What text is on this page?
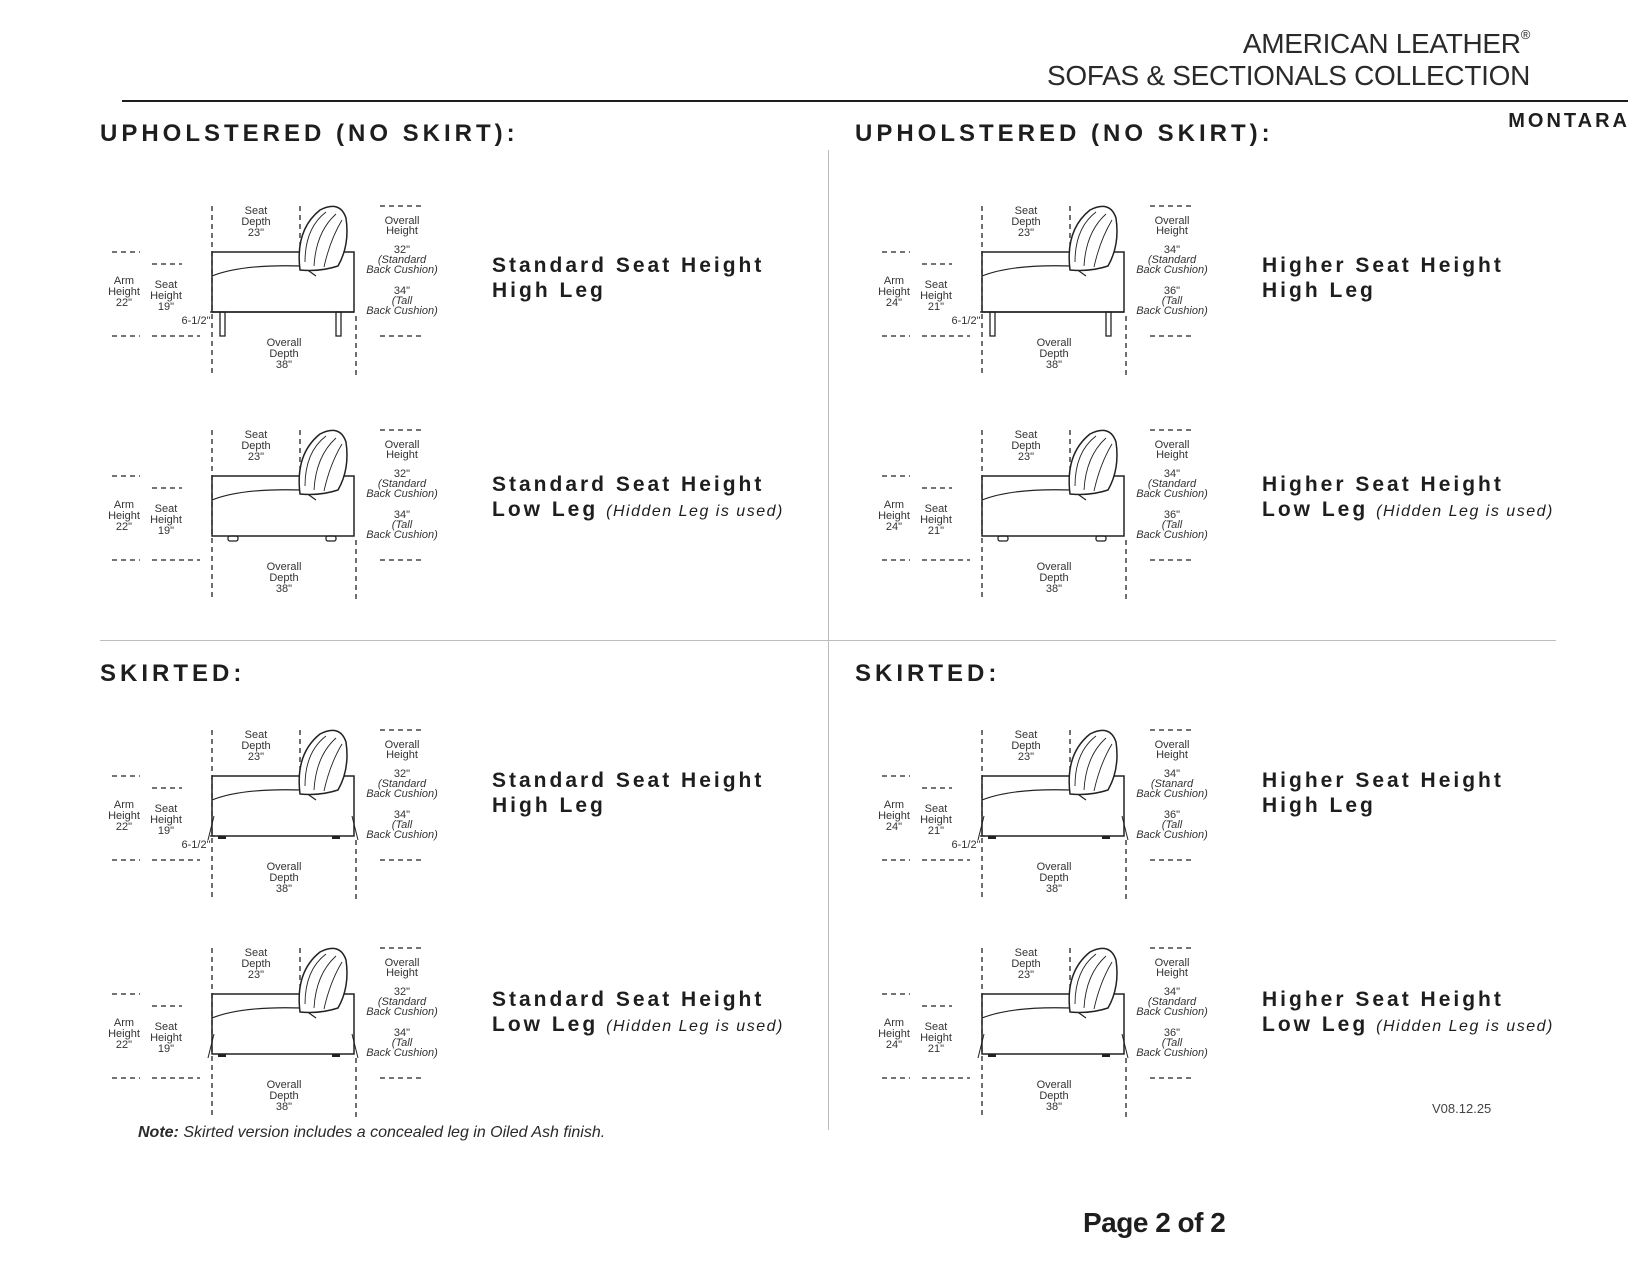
AMERICAN LEATHER®
SOFAS & SECTIONALS COLLECTION
MONTARA
UPHOLSTERED (NO SKIRT):	UPHOLSTERED (NO SKIRT):
SKIRTED:	SKIRTED:
Standard Seat Height
High Leg
Standard Seat Height
Low Leg (Hidden Leg is used)
Higher Seat Height
High Leg
Higher Seat Height
Low Leg (Hidden Leg is used)
Standard Seat Height
High Leg
Standard Seat Height
Low Leg (Hidden Leg is used)
Higher Seat Height
High Leg
Higher Seat Height
Low Leg (Hidden Leg is used)
Seat
Depth
23"
Overall
Depth
38"
Arm
Height
22"
Seat
Height
19"
6-1/2"
Overall
Height
32"
(Standard
Back Cushion)
34"
(Tall
Back Cushion)
Seat
Depth
23"
Overall
Depth
38"
Arm
Height
22"
Seat
Height
19"
Overall
Height
32"
(Standard
Back Cushion)
34"
(Tall
Back Cushion)
Seat
Depth
23"
Overall
Depth
38"
Arm
Height
24"
Seat
Height
21"
6-1/2"
Overall
Height
34"
(Standard
Back Cushion)
36"
(Tall
Back Cushion)
Seat
Depth
23"
Overall
Depth
38"
Arm
Height
24"
Seat
Height
21"
Overall
Height
34"
(Standard
Back Cushion)
36"
(Tall
Back Cushion)
Seat
Depth
23"
Overall
Depth
38"
Arm
Height
22"
Seat
Height
19"
6-1/2"
Overall
Height
32"
(Standard
Back Cushion)
34"
(Tall
Back Cushion)
Seat
Depth
23"
Overall
Depth
38"
Arm
Height
22"
Seat
Height
19"
Overall
Height
32"
(Standard
Back Cushion)
34"
(Tall
Back Cushion)
Seat
Depth
23"
Overall
Depth
38"
Arm
Height
24"
Seat
Height
21"
6-1/2"
Overall
Height
34"
(Stanard
Back Cushion)
36"
(Tall
Back Cushion)
Seat
Depth
23"
Overall
Depth
38"
Arm
Height
24"
Seat
Height
21"
Overall
Height
34"
(Standard
Back Cushion)
36"
(Tall
Back Cushion)
Note: Skirted version includes a concealed leg in Oiled Ash finish.
V08.12.25
Page 2 of 2
